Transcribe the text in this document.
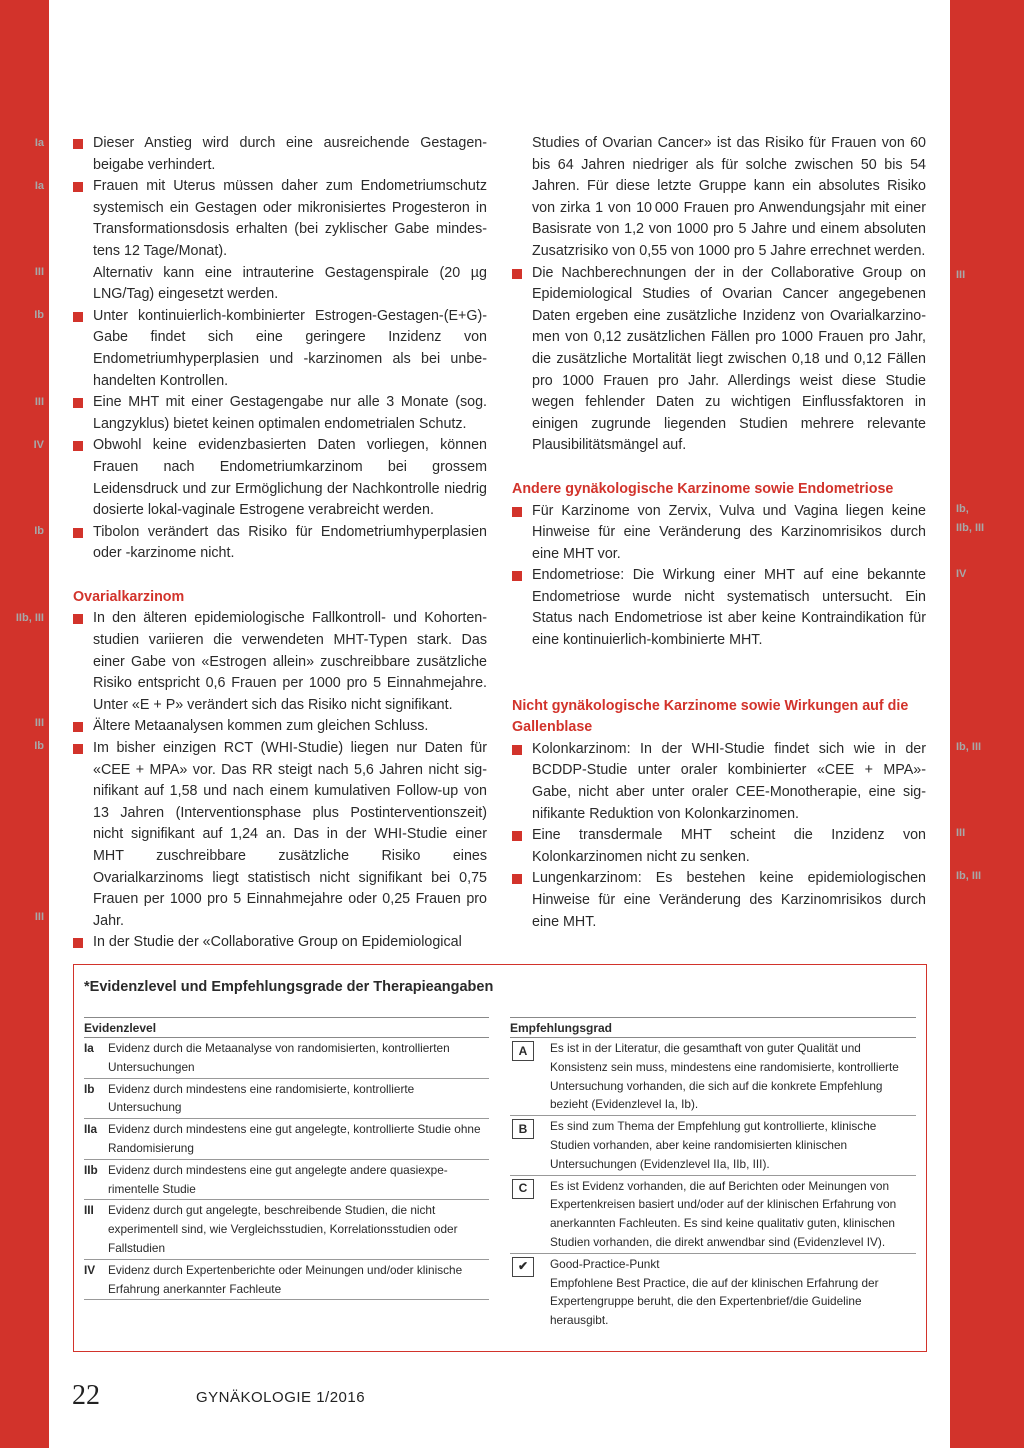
Ia
Ia
III
Ib
III
IV
Ib
IIb, III
III
Ib
III
III
Ib,
IIb, III
IV
Ib, III
III
Ib, III
Dieser Anstieg wird durch eine ausreichende Gestagenbeigabe verhindert.
Frauen mit Uterus müssen daher zum Endometriumschutz systemisch ein Gestagen oder mikronisiertes Progesteron in Transformationsdosis erhalten (bei zyklischer Gabe mindestens 12 Tage/Monat).
Alternativ kann eine intrauterine Gestagenspirale (20 µg LNG/Tag) eingesetzt werden.
Unter kontinuierlich-kombinierter Estrogen-Gestagen-(E+G)-Gabe findet sich eine geringere Inzidenz von Endometriumhyperplasien und -karzinomen als bei unbehandelten Kontrollen.
Eine MHT mit einer Gestagengabe nur alle 3 Monate (sog. Langzyklus) bietet keinen optimalen endometrialen Schutz.
Obwohl keine evidenzbasierten Daten vorliegen, können Frauen nach Endometriumkarzinom bei grossem Leidensdruck und zur Ermöglichung der Nachkontrolle niedrig dosierte lokal-vaginale Estrogene verabreicht werden.
Tibolon verändert das Risiko für Endometriumhyperplasien oder -karzinome nicht.

Ovarialkarzinom

In den älteren epidemiologische Fallkontroll- und Kohortenstudien variieren die verwendeten MHT-Typen stark. Das einer Gabe von «Estrogen allein» zuschreibbare zusätzliche Risiko entspricht 0,6 Frauen per 1000 pro 5 Einnahmejahre. Unter «E + P» verändert sich das Risiko nicht signifikant.
Ältere Metaanalysen kommen zum gleichen Schluss.
Im bisher einzigen RCT (WHI-Studie) liegen nur Daten für «CEE + MPA» vor. Das RR steigt nach 5,6 Jahren nicht signifikant auf 1,58 und nach einem kumulativen Follow-up von 13 Jahren (Interventionsphase plus Postinterventionszeit) nicht signifikant auf 1,24 an. Das in der WHI-Studie einer MHT zuschreibbare zusätzliche Risiko eines Ovarialkarzinoms liegt statistisch nicht signifikant bei 0,75 Frauen per 1000 pro 5 Einnahmejahre oder 0,25 Frauen pro Jahr.
In der Studie der «Collaborative Group on Epidemiological
Studies of Ovarian Cancer» ist das Risiko für Frauen von 60 bis 64 Jahren niedriger als für solche zwischen 50 bis 54 Jahren. Für diese letzte Gruppe kann ein absolutes Risiko von zirka 1 von 10 000 Frauen pro Anwendungsjahr mit einer Basisrate von 1,2 von 1000 pro 5 Jahre und einem absoluten Zusatzrisiko von 0,55 von 1000 pro 5 Jahre errechnet werden.
Die Nachberechnungen der in der Collaborative Group on Epidemiological Studies of Ovarian Cancer angegebenen Daten ergeben eine zusätzliche Inzidenz von Ovarialkarzinomen von 0,12 zusätzlichen Fällen pro 1000 Frauen pro Jahr, die zusätzliche Mortalität liegt zwischen 0,18 und 0,12 Fällen pro 1000 Frauen pro Jahr. Allerdings weist diese Studie wegen fehlender Daten zu wichtigen Einflussfaktoren in einigen zugrunde liegenden Studien mehrere relevante Plausibilitätsmängel auf.

Andere gynäkologische Karzinome sowie Endometriose

Für Karzinome von Zervix, Vulva und Vagina liegen keine Hinweise für eine Veränderung des Karzinomrisikos durch eine MHT vor.
Endometriose: Die Wirkung einer MHT auf eine bekannte Endometriose wurde nicht systematisch untersucht. Ein Status nach Endometriose ist aber keine Kontraindikation für eine kontinuierlich-kombinierte MHT.

Nicht gynäkologische Karzinome sowie Wirkungen auf die Gallenblase

Kolonkarzinom: In der WHI-Studie findet sich wie in der BCDDP-Studie unter oraler kombinierter «CEE + MPA»-Gabe, nicht aber unter oraler CEE-Monotherapie, eine signifikante Reduktion von Kolonkarzinomen.
Eine transdermale MHT scheint die Inzidenz von Kolonkarzinomen nicht zu senken.
Lungenkarzinom: Es bestehen keine epidemiologischen Hinweise für eine Veränderung des Karzinomrisikos durch eine MHT.
*Evidenzlevel und Empfehlungsgrade der Therapieangaben
Evidenzlevel
Ia	Evidenz durch die Metaanalyse von randomisierten, kontrollierten Untersuchungen
Ib	Evidenz durch mindestens eine randomisierte, kontrollierte Untersuchung
IIa Evidenz durch mindestens eine gut angelegte, kontrollierte Studie ohne Randomisierung
IIb Evidenz durch mindestens eine gut angelegte andere quasiexperimentelle Studie
III	Evidenz durch gut angelegte, beschreibende Studien, die nicht experimentell sind, wie Vergleichsstudien, Korrelationsstudien oder Fallstudien
IV	Evidenz durch Expertenberichte oder Meinungen und/oder klinische Erfahrung anerkannter Fachleute
Empfehlungsgrad
A	Es ist in der Literatur, die gesamthaft von guter Qualität und Konsistenz sein muss, mindestens eine randomisierte, kontrollierte Untersuchung vorhanden, die sich auf die konkrete Empfehlung bezieht (Evidenzlevel Ia, Ib).
B	Es sind zum Thema der Empfehlung gut kontrollierte, klinische Studien vorhanden, aber keine randomisierten klinischen Untersuchungen (Evidenzlevel IIa, IIb, III).
C	Es ist Evidenz vorhanden, die auf Berichten oder Meinungen von Expertenkreisen basiert und/oder auf der klinischen Erfahrung von anerkannten Fachleuten. Es sind keine qualitativ guten, klinischen Studien vorhanden, die direkt anwendbar sind (Evidenzlevel IV).
✔	Good-Practice-Punkt
Empfohlene Best Practice, die auf der klinischen Erfahrung der Expertengruppe beruht, die den Expertenbrief/die Guideline herausgibt.
22	GYNÄKOLOGIE 1/2016
